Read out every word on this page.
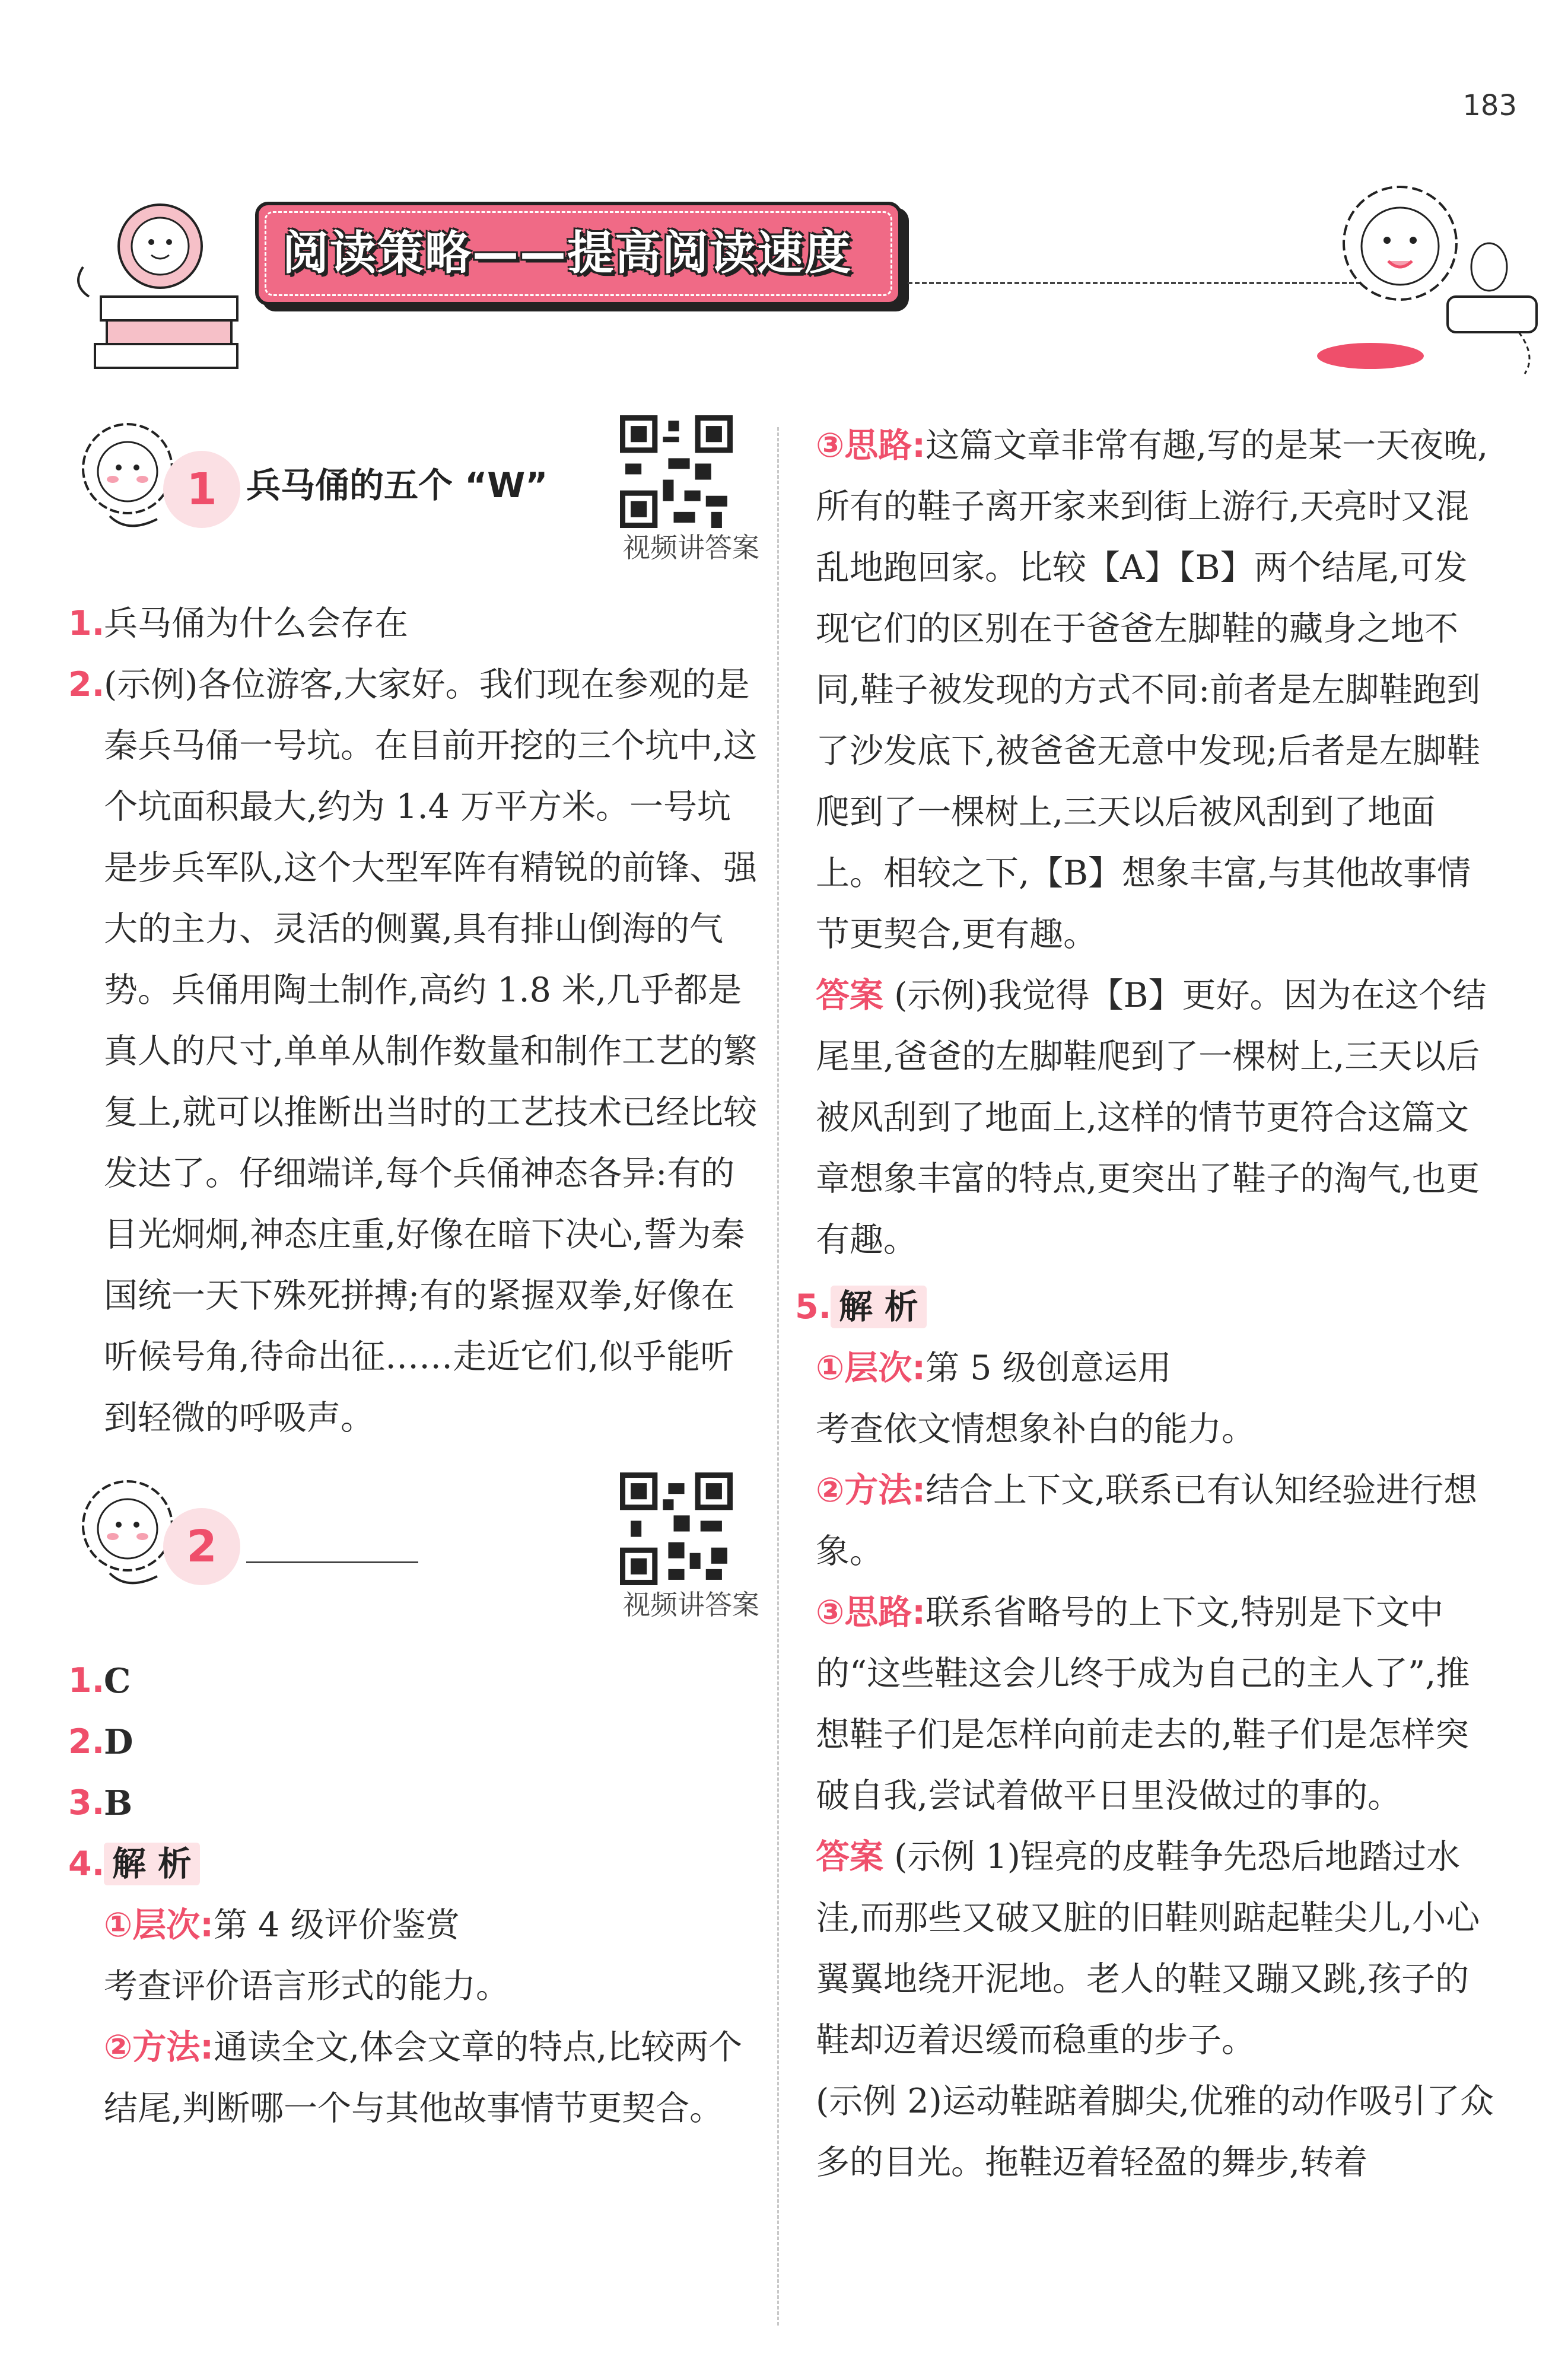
183
阅读策略——提高阅读速度
1 兵马俑的五个 “W”
视频讲答案

1.
兵马俑为什么会存在

2.
(示例)各位游客,大家好。我们现在参观的是秦兵马俑一号坑。在目前开挖的三个坑中,这个坑面积最大,约为 1.4 万平方米。一号坑是步兵军队,这个大型军阵有精锐的前锋、强大的主力、灵活的侧翼,具有排山倒海的气势。兵俑用陶土制作,高约 1.8 米,几乎都是真人的尺寸,单单从制作数量和制作工艺的繁复上,就可以推断出当时的工艺技术已经比较发达了。仔细端详,每个兵俑神态各异:有的目光炯炯,神态庄重,好像在暗下决心,誓为秦国统一天下殊死拼搏;有的紧握双拳,好像在听候号角,待命出征……走近它们,似乎能听到轻微的呼吸声。

2
视频讲答案

1.
C

2.
D

3.
B

4. 解 析

①层次:第 4 级评价鉴赏

考查评价语言形式的能力。

②方法:通读全文,体会文章的特点,比较两个结尾,判断哪一个与其他故事情节更契合。

③思路:这篇文章非常有趣,写的是某一天夜晚,所有的鞋子离开家来到街上游行,天亮时又混乱地跑回家。比较【A】【B】两个结尾,可发现它们的区别在于爸爸左脚鞋的藏身之地不同,鞋子被发现的方式不同:前者是左脚鞋跑到了沙发底下,被爸爸无意中发现;后者是左脚鞋爬到了一棵树上,三天以后被风刮到了地面上。相较之下,【B】想象丰富,与其他故事情节更契合,更有趣。

答案 (示例)我觉得【B】更好。因为在这个结尾里,爸爸的左脚鞋爬到了一棵树上,三天以后被风刮到了地面上,这样的情节更符合这篇文章想象丰富的特点,更突出了鞋子的淘气,也更有趣。

5. 解 析

①层次:第 5 级创意运用

考查依文情想象补白的能力。

②方法:结合上下文,联系已有认知经验进行想象。

③思路:联系省略号的上下文,特别是下文中的“这些鞋这会儿终于成为自己的主人了”,推想鞋子们是怎样向前走去的,鞋子们是怎样突破自我,尝试着做平日里没做过的事的。

答案 (示例 1)锃亮的皮鞋争先恐后地踏过水洼,而那些又破又脏的旧鞋则踮起鞋尖儿,小心翼翼地绕开泥地。老人的鞋又蹦又跳,孩子的鞋却迈着迟缓而稳重的步子。

(示例 2)运动鞋踮着脚尖,优雅的动作吸引了众多的目光。拖鞋迈着轻盈的舞步,转着
